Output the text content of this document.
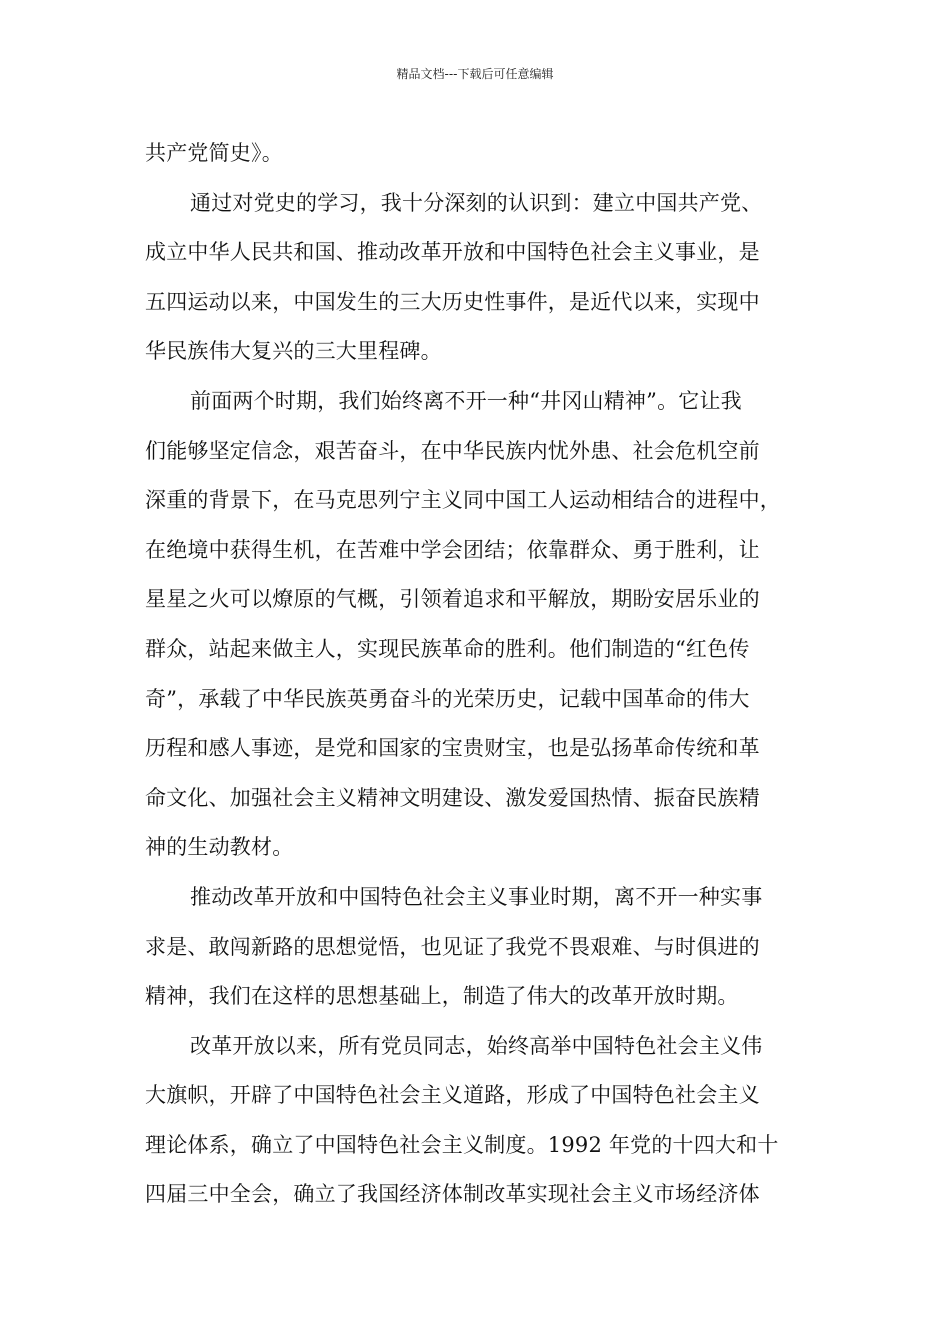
精品文档---下载后可任意编辑
共产党简史》。
通过对党史的学习，我十分深刻的认识到：建立中国共产党、
成立中华人民共和国、推动改革开放和中国特色社会主义事业，是
五四运动以来，中国发生的三大历史性事件，是近代以来，实现中
华民族伟大复兴的三大里程碑。
前面两个时期，我们始终离不开一种“井冈山精神”。它让我
们能够坚定信念，艰苦奋斗，在中华民族内忧外患、社会危机空前
深重的背景下，在马克思列宁主义同中国工人运动相结合的进程中，
在绝境中获得生机，在苦难中学会团结；依靠群众、勇于胜利，让
星星之火可以燎原的气概，引领着追求和平解放，期盼安居乐业的
群众，站起来做主人，实现民族革命的胜利。他们制造的“红色传
奇”，承载了中华民族英勇奋斗的光荣历史，记载中国革命的伟大
历程和感人事迹，是党和国家的宝贵财宝，也是弘扬革命传统和革
命文化、加强社会主义精神文明建设、激发爱国热情、振奋民族精
神的生动教材。
推动改革开放和中国特色社会主义事业时期，离不开一种实事
求是、敢闯新路的思想觉悟，也见证了我党不畏艰难、与时俱进的
精神，我们在这样的思想基础上，制造了伟大的改革开放时期。
改革开放以来，所有党员同志，始终高举中国特色社会主义伟
大旗帜，开辟了中国特色社会主义道路，形成了中国特色社会主义
理论体系，确立了中国特色社会主义制度。1992 年党的十四大和十
四届三中全会，确立了我国经济体制改革实现社会主义市场经济体
